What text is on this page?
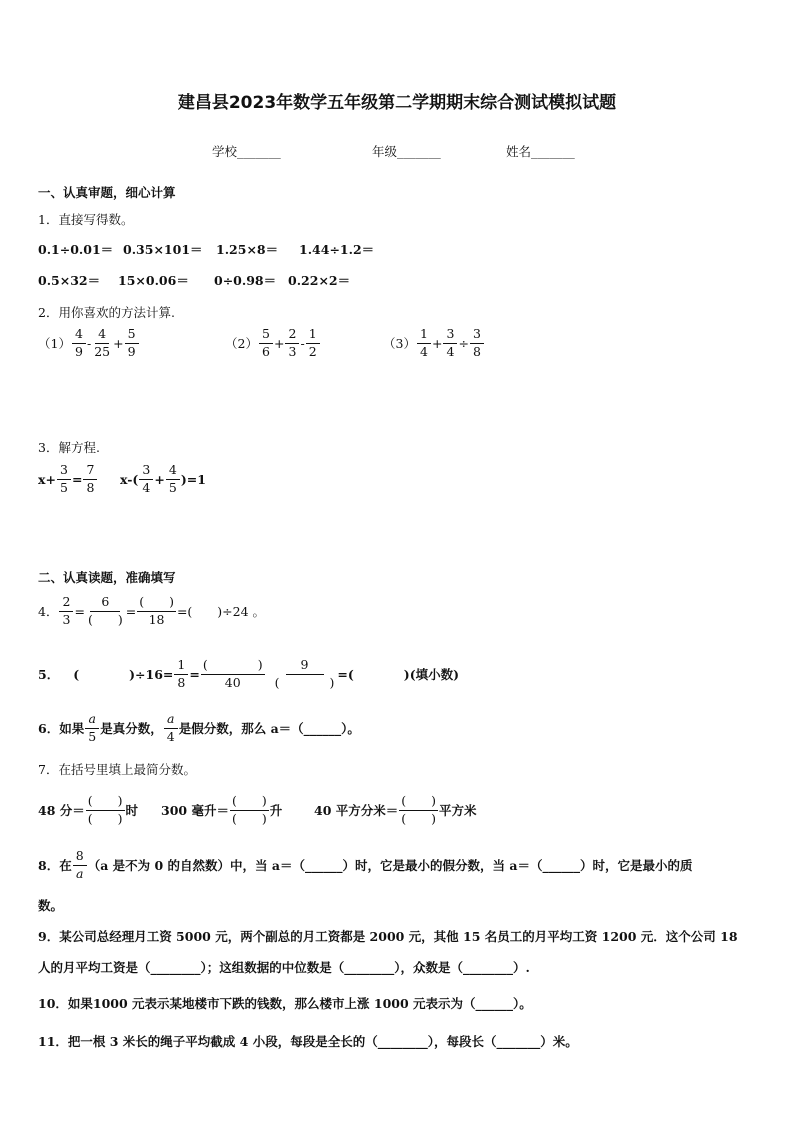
建昌县2023年数学五年级第二学期期末综合测试模拟试题
学校_______	年级_______	姓名_______
一、认真审题，细心计算
1．直接写得数。
0.1÷0.01＝ 0.35×101＝ 1.25×8＝ 1.44÷1.2＝
0.5×32＝ 15×0.06＝ 0÷0.98＝ 0.22×2＝
2．用你喜欢的方法计算.
$(1) \frac{4}{9} - \frac{4}{25} + \frac{5}{9}$	$(2) \frac{5}{6} + \frac{2}{3} - \frac{1}{2}$	$(3) \frac{1}{4} + \frac{3}{4} \div \frac{3}{8}$
3．解方程.
$x+ \frac{3}{5} = \frac{7}{8} x-( \frac{3}{4} + \frac{4}{5} )=1$
二、认真读题，准确填写
4． $\frac{2}{3} = \frac{6}{( )} = \frac{( )}{18}$ =(　　)÷24 。
5． (　　　　)$\div 16= \frac{1}{8} = \frac{( )}{40} \frac{9}{( )}$ =(　　　　)(填小数)
6． 如果 $\frac{a}{5}$ 是真分数， $\frac{a}{4}$ 是假分数，那么 a＝（______）。
7．在括号里填上最简分数。
48 分＝ $\frac{( )}{( )}$ 时 300 毫升＝ $\frac{( )}{( )}$ 升	40 平方分米＝ $\frac{( )}{( )}$ 平方米
8．在 $\frac{8}{a} (a$ 是不为 0 的自然数）中，当 a＝（______）时，它是最小的假分数，当 a＝（______）时，它是最小的质
数。
9．某公司总经理月工资 5000 元，两个副总的月工资都是 2000 元，其他 15 名员工的月平均工资 1200 元．这个公司 18
人的月平均工资是（________）；这组数据的中位数是（________），众数是（________）.
10．如果1000 元表示某地楼市下跌的钱数，那么楼市上涨 1000 元表示为（______）。
11．把一根 3 米长的绳子平均截成 4 小段，每段是全长的（________），每段长（_______）米。
